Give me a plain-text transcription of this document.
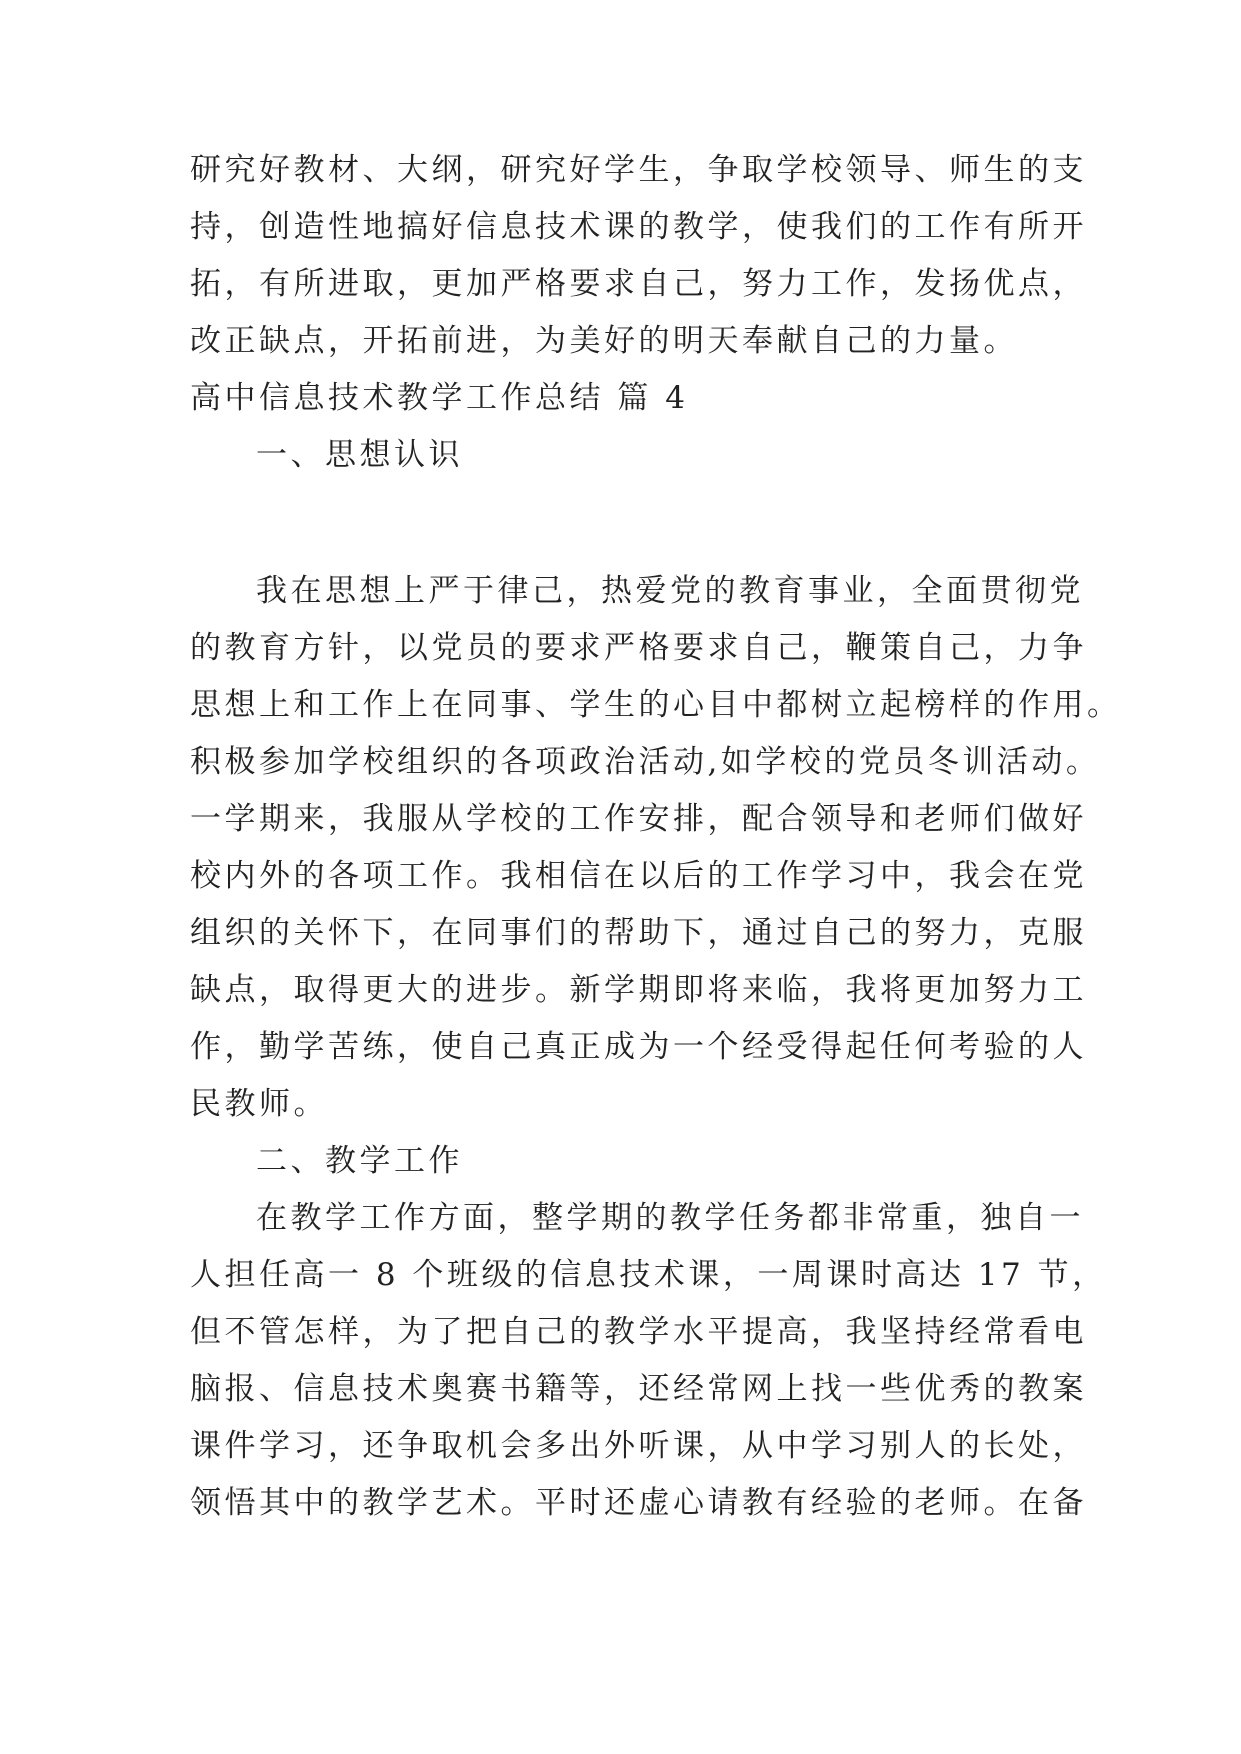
研究好教材、大纲，研究好学生，争取学校领导、师生的支
持，创造性地搞好信息技术课的教学，使我们的工作有所开
拓，有所进取，更加严格要求自己，努力工作，发扬优点，
改正缺点，开拓前进，为美好的明天奉献自己的力量。
高中信息技术教学工作总结 篇 4
一、思想认识
我在思想上严于律己，热爱党的教育事业，全面贯彻党
的教育方针，以党员的要求严格要求自己，鞭策自己，力争
思想上和工作上在同事、学生的心目中都树立起榜样的作用。
积极参加学校组织的各项政治活动,如学校的党员冬训活动。
一学期来，我服从学校的工作安排，配合领导和老师们做好
校内外的各项工作。我相信在以后的工作学习中，我会在党
组织的关怀下，在同事们的帮助下，通过自己的努力，克服
缺点，取得更大的进步。新学期即将来临，我将更加努力工
作，勤学苦练，使自己真正成为一个经受得起任何考验的人
民教师。
二、教学工作
在教学工作方面，整学期的教学任务都非常重，独自一
人担任高一 8 个班级的信息技术课，一周课时高达 17 节，
但不管怎样，为了把自己的教学水平提高，我坚持经常看电
脑报、信息技术奥赛书籍等，还经常网上找一些优秀的教案
课件学习，还争取机会多出外听课，从中学习别人的长处，
领悟其中的教学艺术。平时还虚心请教有经验的老师。在备
